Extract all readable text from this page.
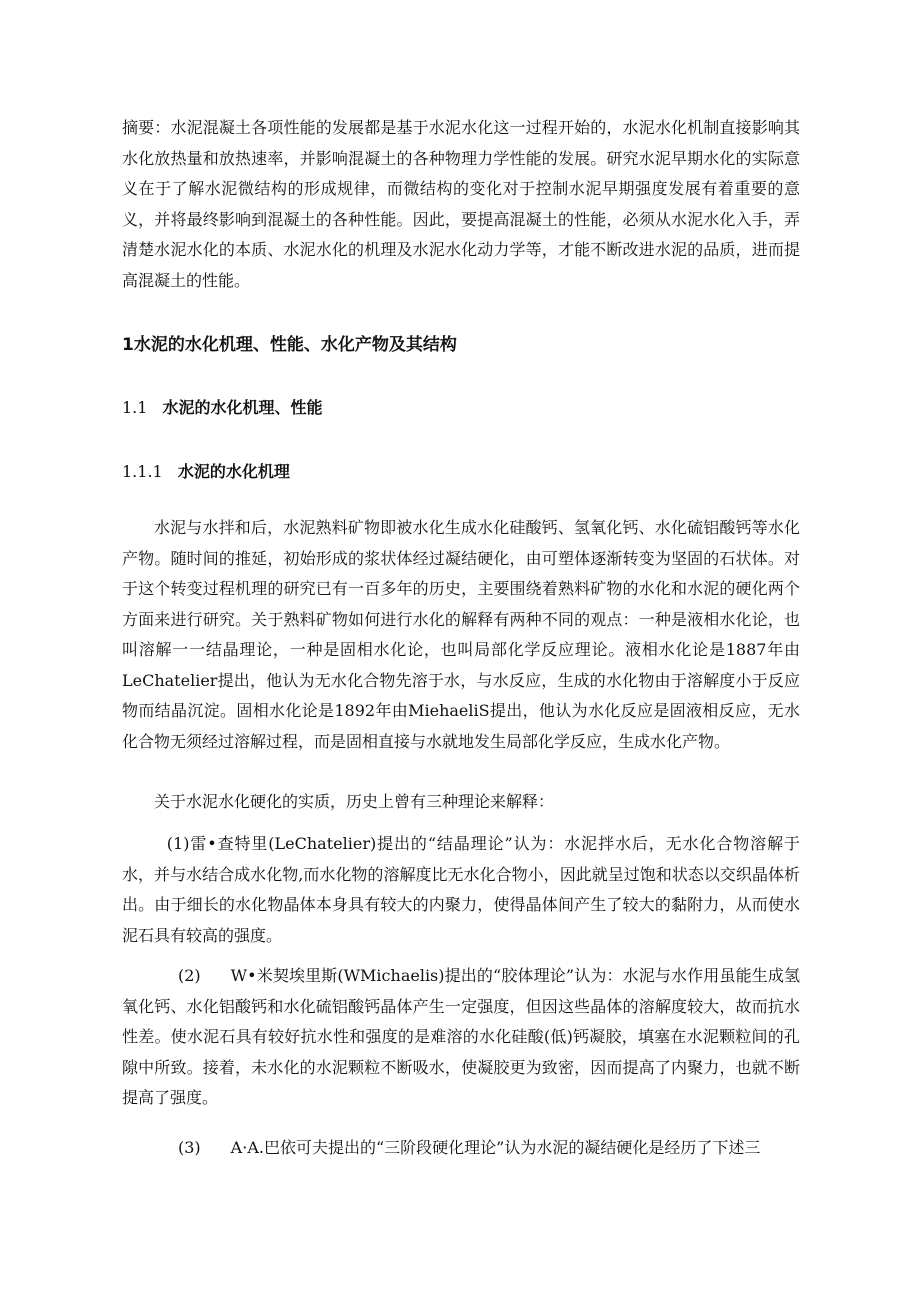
摘要：水泥混凝土各项性能的发展都是基于水泥水化这一过程开始的，水泥水化机制直接影响其水化放热量和放热速率，并影响混凝土的各种物理力学性能的发展。研究水泥早期水化的实际意义在于了解水泥微结构的形成规律，而微结构的变化对于控制水泥早期强度发展有着重要的意义，并将最终影响到混凝土的各种性能。因此，要提高混凝土的性能，必须从水泥水化入手，弄清楚水泥水化的本质、水泥水化的机理及水泥水化动力学等，才能不断改进水泥的品质，进而提高混凝土的性能。

1水泥的水化机理、性能、水化产物及其结构

1.1 水泥的水化机理、性能

1.1.1 水泥的水化机理

水泥与水拌和后，水泥熟料矿物即被水化生成水化硅酸钙、氢氧化钙、水化硫铝酸钙等水化产物。随时间的推延，初始形成的浆状体经过凝结硬化，由可塑体逐渐转变为坚固的石状体。对于这个转变过程机理的研究已有一百多年的历史，主要围绕着熟料矿物的水化和水泥的硬化两个方面来进行研究。关于熟料矿物如何进行水化的解释有两种不同的观点：一种是液相水化论，也叫溶解一一结晶理论，一种是固相水化论，也叫局部化学反应理论。液相水化论是1887年由LeChatelier提出，他认为无水化合物先溶于水，与水反应，生成的水化物由于溶解度小于反应物而结晶沉淀。固相水化论是1892年由MiehaeliS提出，他认为水化反应是固液相反应，无水化合物无须经过溶解过程，而是固相直接与水就地发生局部化学反应，生成水化产物。

关于水泥水化硬化的实质，历史上曾有三种理论来解释：

(1)雷•查特里(LeChatelier)提出的“结晶理论”认为：水泥拌水后，无水化合物溶解于水，并与水结合成水化物,而水化物的溶解度比无水化合物小，因此就呈过饱和状态以交织晶体析出。由于细长的水化物晶体本身具有较大的内聚力，使得晶体间产生了较大的黏附力，从而使水泥石具有较高的强度。

(2) W•米契埃里斯(WMichaelis)提出的“胶体理论”认为：水泥与水作用虽能生成氢氧化钙、水化铝酸钙和水化硫铝酸钙晶体产生一定强度，但因这些晶体的溶解度较大，故而抗水性差。使水泥石具有较好抗水性和强度的是难溶的水化硅酸(低)钙凝胶，填塞在水泥颗粒间的孔隙中所致。接着，未水化的水泥颗粒不断吸水，使凝胶更为致密，因而提高了内聚力，也就不断提高了强度。

(3) A·A.巴依可夫提出的“三阶段硬化理论”认为水泥的凝结硬化是经历了下述三
